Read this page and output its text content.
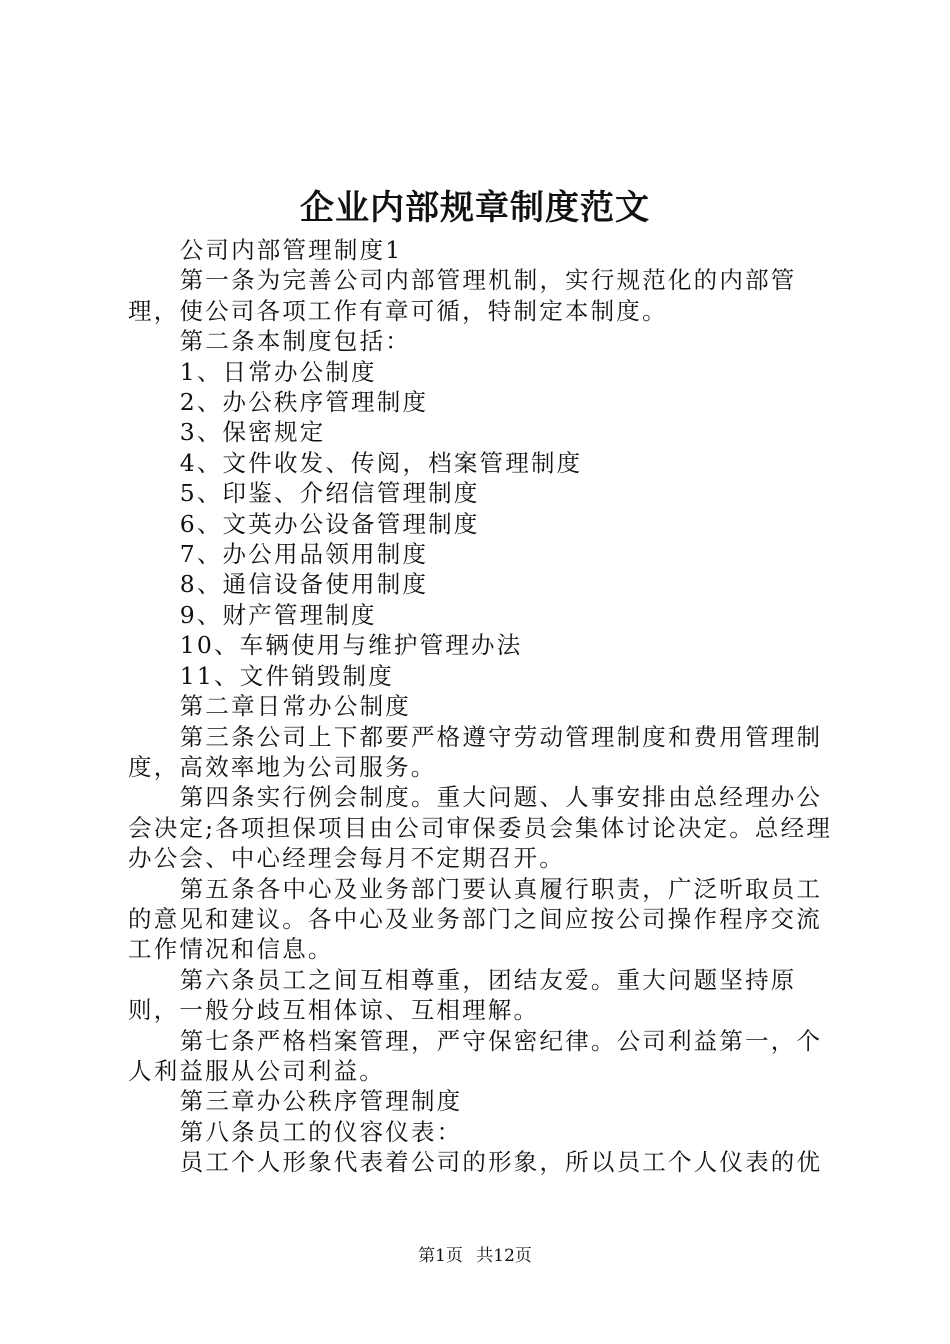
企业内部规章制度范文

公司内部管理制度1

第一条为完善公司内部管理机制，实行规范化的内部管理，使公司各项工作有章可循，特制定本制度。

第二条本制度包括：

1、日常办公制度

2、办公秩序管理制度

3、保密规定

4、文件收发、传阅，档案管理制度

5、印鉴、介绍信管理制度

6、文英办公设备管理制度

7、办公用品领用制度

8、通信设备使用制度

9、财产管理制度

10、车辆使用与维护管理办法

11、文件销毁制度

第二章日常办公制度

第三条公司上下都要严格遵守劳动管理制度和费用管理制度，高效率地为公司服务。

第四条实行例会制度。重大问题、人事安排由总经理办公会决定;各项担保项目由公司审保委员会集体讨论决定。总经理办公会、中心经理会每月不定期召开。

第五条各中心及业务部门要认真履行职责，广泛听取员工的意见和建议。各中心及业务部门之间应按公司操作程序交流工作情况和信息。

第六条员工之间互相尊重，团结友爱。重大问题坚持原则，一般分歧互相体谅、互相理解。

第七条严格档案管理，严守保密纪律。公司利益第一，个人利益服从公司利益。

第三章办公秩序管理制度

第八条员工的仪容仪表：

员工个人形象代表着公司的形象，所以员工个人仪表的优

第1页 共12页
